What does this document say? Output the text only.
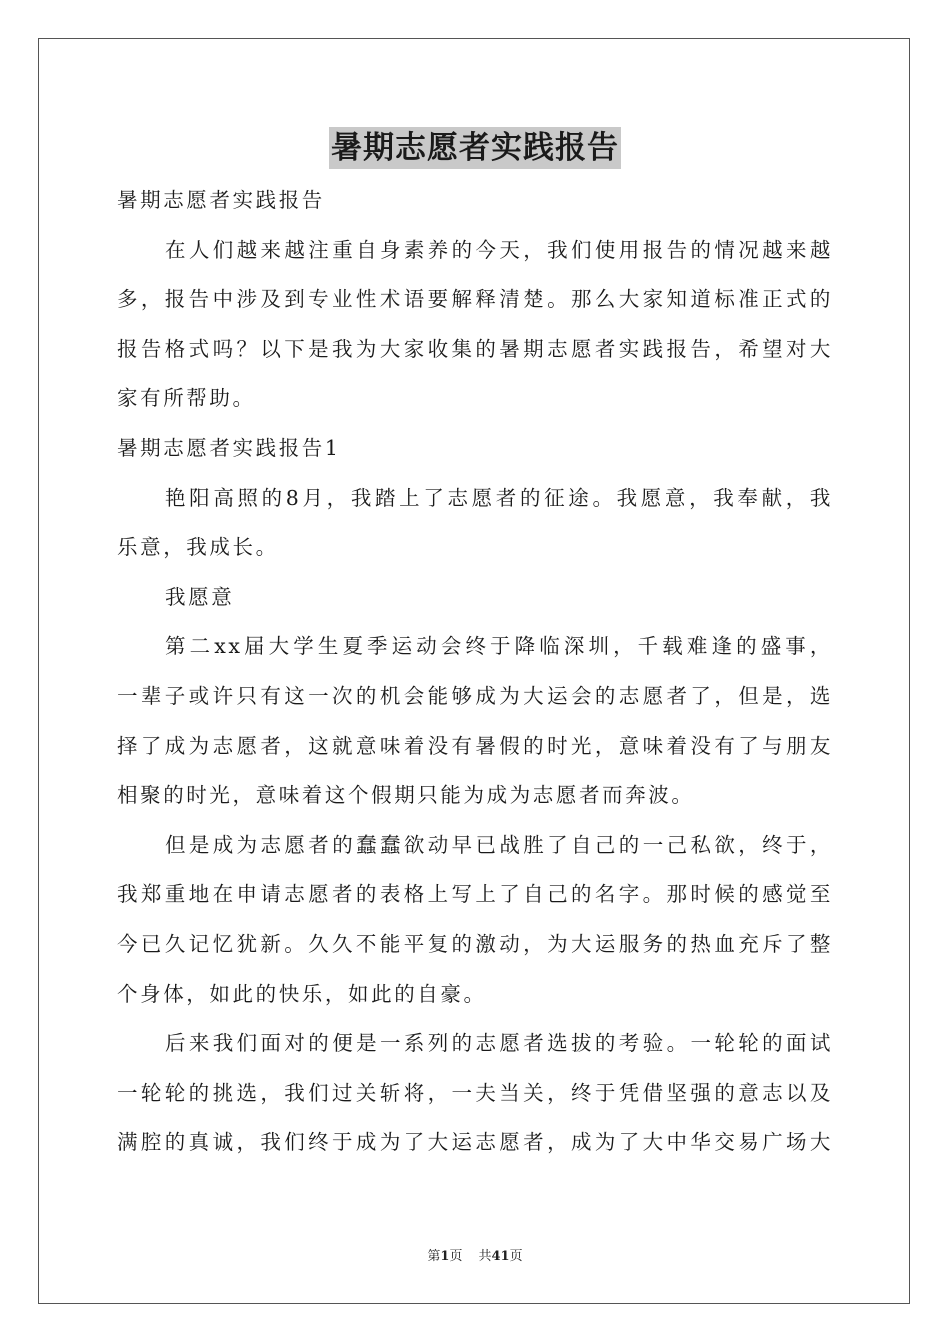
暑期志愿者实践报告
暑期志愿者实践报告
在人们越来越注重自身素养的今天，我们使用报告的情况越来越
多，报告中涉及到专业性术语要解释清楚。那么大家知道标准正式的
报告格式吗？以下是我为大家收集的暑期志愿者实践报告，希望对大
家有所帮助。
暑期志愿者实践报告1
艳阳高照的8月，我踏上了志愿者的征途。我愿意，我奉献，我
乐意，我成长。
我愿意
第二xx届大学生夏季运动会终于降临深圳，千载难逢的盛事，
一辈子或许只有这一次的机会能够成为大运会的志愿者了，但是，选
择了成为志愿者，这就意味着没有暑假的时光，意味着没有了与朋友
相聚的时光，意味着这个假期只能为成为志愿者而奔波。
但是成为志愿者的蠢蠢欲动早已战胜了自己的一己私欲，终于，
我郑重地在申请志愿者的表格上写上了自己的名字。那时候的感觉至
今已久记忆犹新。久久不能平复的激动，为大运服务的热血充斥了整
个身体，如此的快乐，如此的自豪。
后来我们面对的便是一系列的志愿者选拔的考验。一轮轮的面试
一轮轮的挑选，我们过关斩将，一夫当关，终于凭借坚强的意志以及
满腔的真诚，我们终于成为了大运志愿者，成为了大中华交易广场大
第1页 共41页
